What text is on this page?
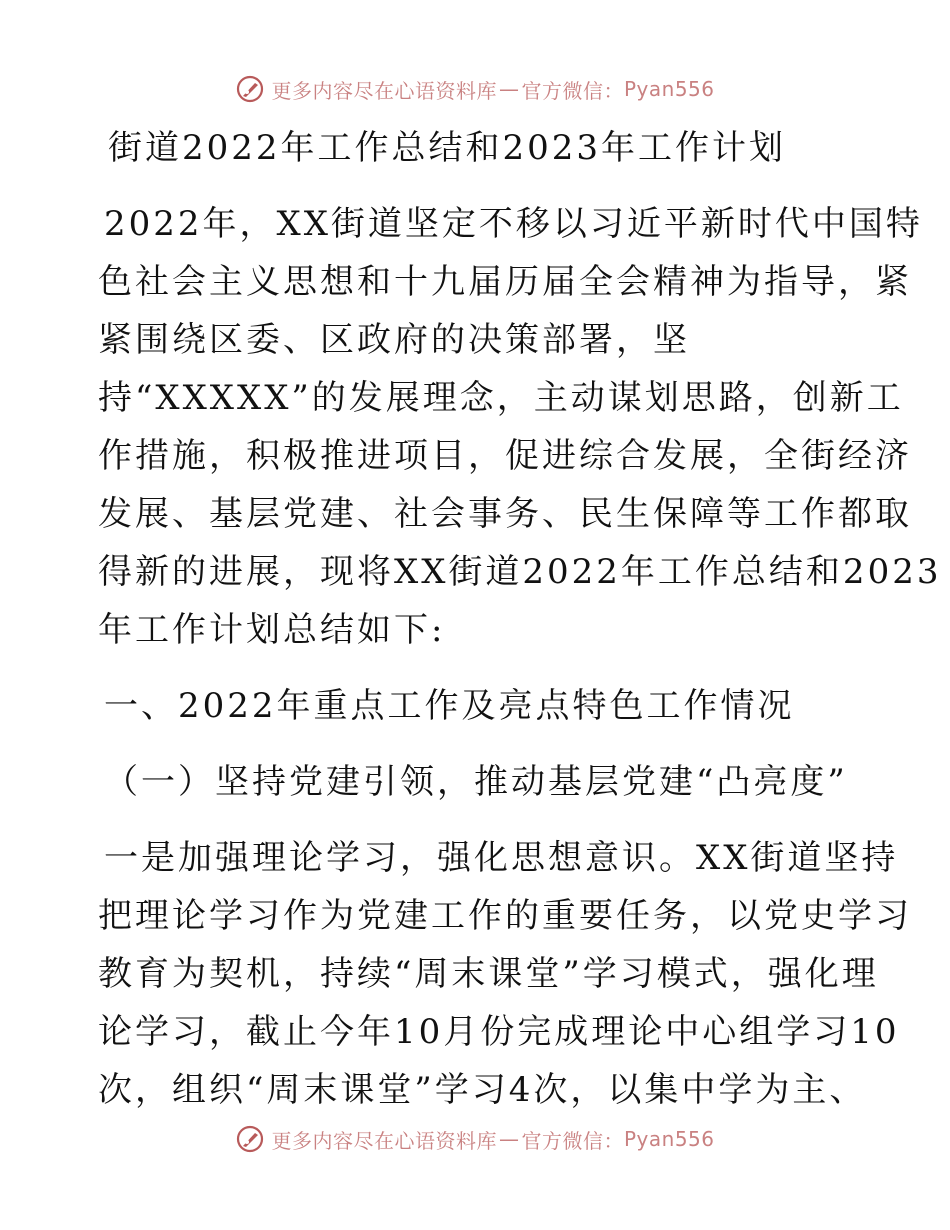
更多内容尽在心语资料库 — 官方微信： Pyan556
街道2022年工作总结和2023年工作计划
2022年，XX街道坚定不移以习近平新时代中国特
色社会主义思想和十九届历届全会精神为指导，紧
紧围绕区委、区政府的决策部署，坚
持“XXXXX”的发展理念，主动谋划思路，创新工
作措施，积极推进项目，促进综合发展，全街经济
发展、基层党建、社会事务、民生保障等工作都取
得新的进展，现将XX街道2022年工作总结和2023
年工作计划总结如下:
一、2022年重点工作及亮点特色工作情况
（一）坚持党建引领，推动基层党建“凸亮度”
一是加强理论学习，强化思想意识。XX街道坚持
把理论学习作为党建工作的重要任务，以党史学习
教育为契机，持续“周末课堂”学习模式，强化理
论学习，截止今年10月份完成理论中心组学习10
次，组织“周末课堂”学习4次，以集中学为主、
更多内容尽在心语资料库 — 官方微信： Pyan556
